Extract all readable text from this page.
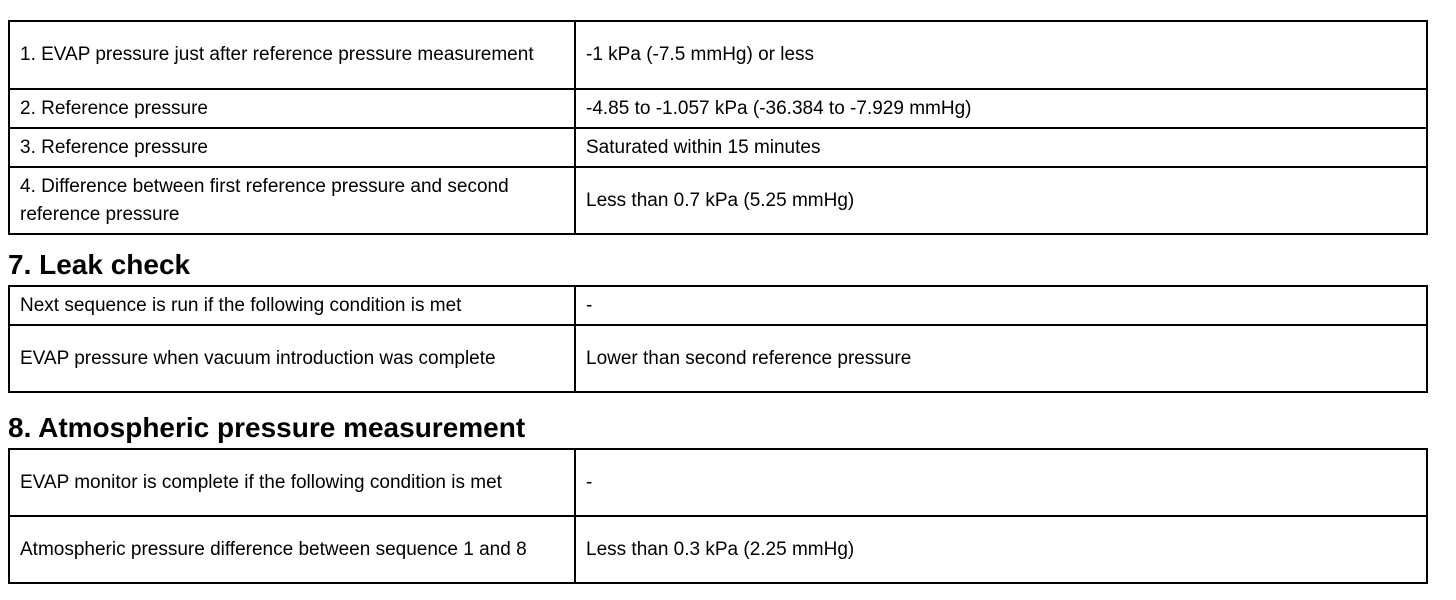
1. EVAP pressure just after reference pressure measurement	-1 kPa (-7.5 mmHg) or less
2. Reference pressure	-4.85 to -1.057 kPa (-36.384 to -7.929 mmHg)
3. Reference pressure	Saturated within 15 minutes
4. Difference between first reference pressure and second reference pressure	Less than 0.7 kPa (5.25 mmHg)
7. Leak check
Next sequence is run if the following condition is met	-
EVAP pressure when vacuum introduction was complete	Lower than second reference pressure
8. Atmospheric pressure measurement
EVAP monitor is complete if the following condition is met	-
Atmospheric pressure difference between sequence 1 and 8	Less than 0.3 kPa (2.25 mmHg)
